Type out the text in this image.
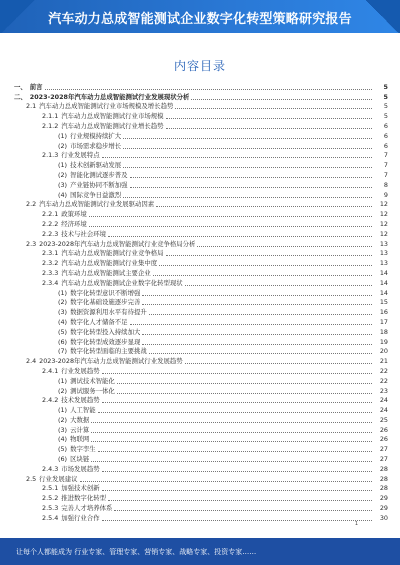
汽车动力总成智能测试企业数字化转型策略研究报告
内容目录
一、 前言	5
二、 2023-2028年汽车动力总成智能测试行业发展现状分析	5
2.1 汽车动力总成智能测试行业市场规模及增长趋势	5
2.1.1 汽车动力总成智能测试行业市场规模	5
2.1.2 汽车动力总成智能测试行业增长趋势	6
(1) 行业规模持续扩大	6
(2) 市场需求稳步增长	6
2.1.3 行业发展特点	7
(1) 技术创新驱动发展	7
(2) 智能化测试逐步普及	7
(3) 产业链协同不断加强	8
(4) 国际竞争日益激烈	9
2.2 汽车动力总成智能测试行业发展驱动因素	12
2.2.1 政策环境	12
2.2.2 经济环境	12
2.2.3 技术与社会环境	12
2.3 2023-2028年汽车动力总成智能测试行业竞争格局分析	13
2.3.1 汽车动力总成智能测试行业竞争格局	13
2.3.2 汽车动力总成智能测试行业集中度	13
2.3.3 汽车动力总成智能测试主要企业	14
2.3.4 汽车动力总成智能测试企业数字化转型现状	14
(1) 数字化转型意识不断增强	14
(2) 数字化基础设施逐步完善	15
(3) 数据资源利用水平有待提升	16
(4) 数字化人才储备不足	17
(5) 数字化转型投入持续加大	18
(6) 数字化转型成效逐步显现	19
(7) 数字化转型面临的主要挑战	20
2.4 2023-2028年汽车动力总成智能测试行业发展趋势	21
2.4.1 行业发展趋势	22
(1) 测试技术智能化	22
(2) 测试服务一体化	23
2.4.2 技术发展趋势	24
(1) 人工智能	24
(2) 大数据	25
(3) 云计算	26
(4) 物联网	26
(5) 数字孪生	27
(6) 区块链	27
2.4.3 市场发展趋势	28
2.5 行业发展建议	28
2.5.1 加强技术创新	28
2.5.2 推进数字化转型	29
2.5.3 完善人才培养体系	29
2.5.4 加强行业合作	30
1
让每个人都能成为 行业专家、管理专家、营销专家、战略专家、投资专家……
